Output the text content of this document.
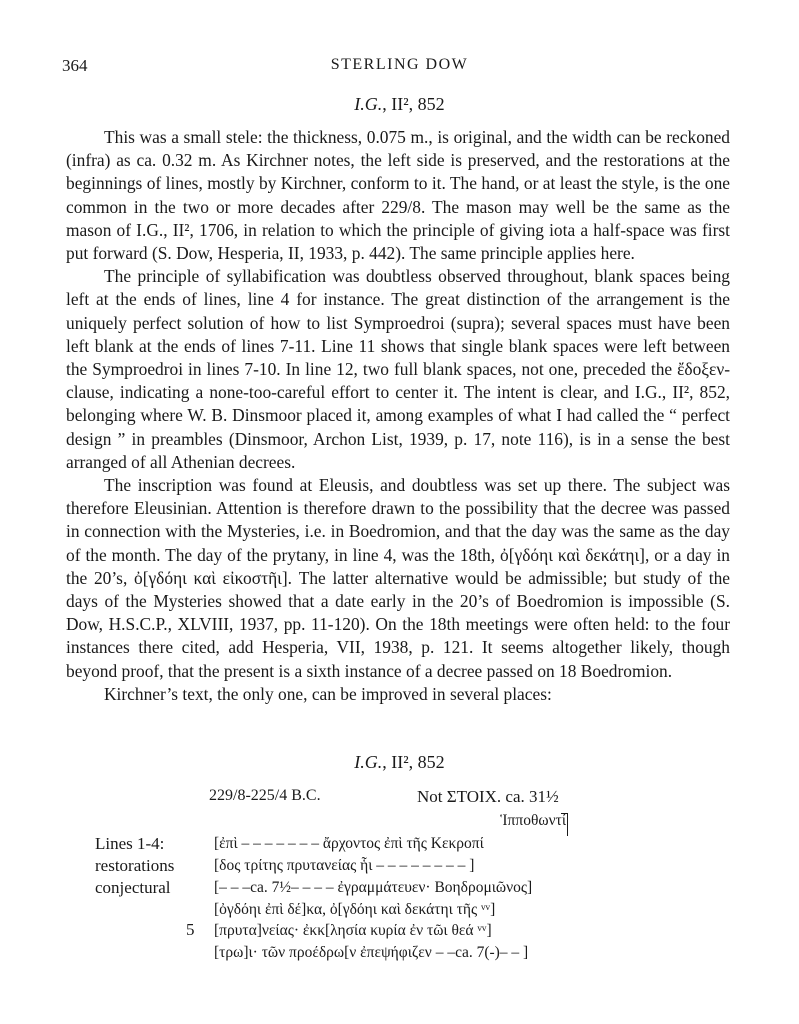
364	STERLING DOW
I.G., II², 852

This was a small stele: the thickness, 0.075 m., is original, and the width can be reckoned (infra) as ca. 0.32 m. As Kirchner notes, the left side is preserved, and the restorations at the beginnings of lines, mostly by Kirchner, conform to it. The hand, or at least the style, is the one common in the two or more decades after 229/8. The mason may well be the same as the mason of I.G., II², 1706, in relation to which the principle of giving iota a half-space was first put forward (S. Dow, Hesperia, II, 1933, p. 442). The same principle applies here.

The principle of syllabification was doubtless observed throughout, blank spaces being left at the ends of lines, line 4 for instance. The great distinction of the arrangement is the uniquely perfect solution of how to list Symproedroi (supra); several spaces must have been left blank at the ends of lines 7-11. Line 11 shows that single blank spaces were left between the Symproedroi in lines 7-10. In line 12, two full blank spaces, not one, preceded the ἔδοξεν-clause, indicating a none-too-careful effort to center it. The intent is clear, and I.G., II², 852, belonging where W. B. Dinsmoor placed it, among examples of what I had called the “ perfect design ” in preambles (Dinsmoor, Archon List, 1939, p. 17, note 116), is in a sense the best arranged of all Athenian decrees.

The inscription was found at Eleusis, and doubtless was set up there. The subject was therefore Eleusinian. Attention is therefore drawn to the possibility that the decree was passed in connection with the Mysteries, i.e. in Boedromion, and that the day was the same as the day of the month. The day of the prytany, in line 4, was the 18th, ὀ[γδόηι καὶ δεκάτηι], or a day in the 20’s, ὀ[γδόηι καὶ εἰκοστῆι]. The latter alternative would be admissible; but study of the days of the Mysteries showed that a date early in the 20’s of Boedromion is impossible (S. Dow, H.S.C.P., XLVIII, 1937, pp. 11-120). On the 18th meetings were often held: to the four instances there cited, add Hesperia, VII, 1938, p. 121. It seems altogether likely, though beyond proof, that the present is a sixth instance of a decree passed on 18 Boedromion.

Kirchner’s text, the only one, can be improved in several places:

I.G., II², 852
229/8-225/4 B.C.	Not ΣΤΟΙΧ. ca. 31½
Lines 1-4:
restorations
conjectural
Ἱπποθωντί
[ἐπὶ – – – – – – – ἄρχοντος ἐπὶ τῆς Κεκροπί
[δος τρίτης πρυτανείας ἧι – – – – – – – – ]
[– – –ca. 7½– – – – ἐγραμμάτευεν· Βοηδρομιῶνος]
[ὀγδόηι ἐπὶ δέ]κα, ὀ[γδόηι καὶ δεκάτηι τῆς ᵛᵛ]
5 [πρυτα]νείας· ἐκκ[λησία κυρία ἐν τῶι θεά ᵛᵛ]
[τρω]ι· τῶν προέδρω[ν ἐπεψήφιζεν – –ca. 7(-)– – ]
